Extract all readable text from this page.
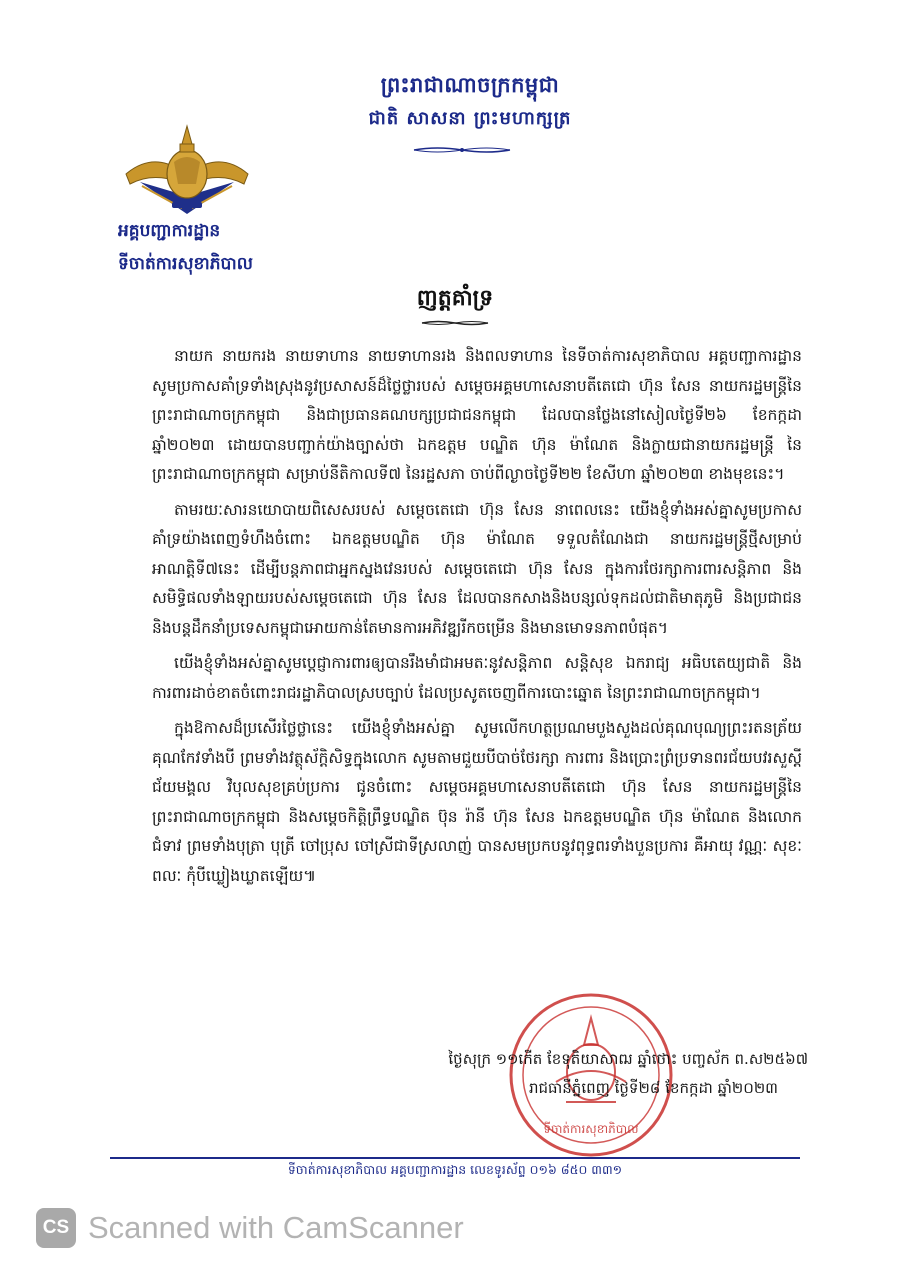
ព្រះរាជាណាចក្រកម្ពុជា
ជាតិ សាសនា ព្រះមហាក្សត្រ
អគ្គបញ្ជាការដ្ឋាន
ទីចាត់ការសុខាភិបាល
ញត្តគាំទ្រ

នាយក នាយករង នាយទាហាន នាយទាហានរង និងពលទាហាន នៃទីចាត់ការសុខាភិបាល អគ្គបញ្ជាការដ្ឋាន សូមប្រកាសគាំទ្រទាំងស្រុងនូវប្រសាសន៍ដ៏ថ្លៃថ្លារបស់ សម្តេចអគ្គមហាសេនាបតីតេជោ ហ៊ុន សែន នាយករដ្ឋមន្ត្រីនៃព្រះរាជាណាចក្រកម្ពុជា និងជាប្រធានគណបក្សប្រជាជនកម្ពុជា ដែលបានថ្លែងនៅសៀលថ្ងៃទី២៦ ខែកក្កដា ឆ្នាំ២០២៣ ដោយបានបញ្ជាក់យ៉ាងច្បាស់ថា ឯកឧត្តម បណ្ឌិត ហ៊ុន ម៉ាណែត និងក្លាយជានាយករដ្ឋមន្ត្រី នៃព្រះរាជាណាចក្រកម្ពុជា សម្រាប់នីតិកាលទី៧ នៃរដ្ឋសភា ចាប់ពីល្ងាចថ្ងៃទី២២ ខែសីហា ឆ្នាំ២០២៣ ខាងមុខនេះ។

តាមរយៈសារនយោបាយពិសេសរបស់ សម្តេចតេជោ ហ៊ុន សែន នាពេលនេះ យើងខ្ញុំទាំងអស់គ្នាសូមប្រកាសគាំទ្រយ៉ាងពេញទំហឹងចំពោះ ឯកឧត្តមបណ្ឌិត ហ៊ុន ម៉ាណែត ទទួលតំណែងជា នាយករដ្ឋមន្ត្រីថ្មីសម្រាប់អាណត្តិទី៧នេះ ដើម្បីបន្តភាពជាអ្នកស្នងវេនរបស់ សម្តេចតេជោ ហ៊ុន សែន ក្នុងការថែរក្សាការពារសន្តិភាព និងសមិទ្ធិផលទាំងឡាយរបស់សម្តេចតេជោ ហ៊ុន សែន ដែលបានកសាងនិងបន្សល់ទុកដល់ជាតិមាតុភូមិ និងប្រជាជន និងបន្តដឹកនាំប្រទេសកម្ពុជាអោយកាន់តែមានការអភិវឌ្ឍរីកចម្រើន និងមានមោទនភាពបំផុត។

យើងខ្ញុំទាំងអស់គ្នាសូមប្តេជ្ញាការពារឲ្យបានរឹងមាំជាអមតៈនូវសន្តិភាព សន្តិសុខ ឯករាជ្យ អធិបតេយ្យជាតិ និងការពារដាច់ខាតចំពោះរាជរដ្ឋាភិបាលស្របច្បាប់ ដែលប្រសូតចេញពីការបោះឆ្នោត នៃព្រះរាជាណាចក្រកម្ពុជា។

ក្នុងឱកាសដ៏ប្រសើរថ្លៃថ្លានេះ យើងខ្ញុំទាំងអស់គ្នា សូមលើកហត្ថប្រណមបួងសួងដល់គុណបុណ្យព្រះរតនត្រ័យ គុណកែវទាំងបី ព្រមទាំងវត្ថុស័ក្តិសិទ្ធក្នុងលោក សូមតាមជួយបីបាច់ថែរក្សា ការពារ និងប្រោះព្រំប្រទានពរជ័យបវរសួស្តី ជ័យមង្គល វិបុលសុខគ្រប់ប្រការ ជូនចំពោះ សម្តេចអគ្គមហាសេនាបតីតេជោ ហ៊ុន សែន នាយករដ្ឋមន្ត្រីនៃព្រះរាជាណាចក្រកម្ពុជា និងសម្តេចកិត្តិព្រឹទ្ធបណ្ឌិត ប៊ុន រ៉ានី ហ៊ុន សែន ឯកឧត្តមបណ្ឌិត ហ៊ុន ម៉ាណែត និងលោកជំទាវ ព្រមទាំងបុត្រា បុត្រី ចៅប្រុស ចៅស្រីជាទីស្រលាញ់ បានសមប្រកបនូវពុទ្ធពរទាំងបួនប្រការ គឺអាយុ វណ្ណៈ សុខៈ ពលៈ កុំបីឃ្លៀងឃ្លាតឡើយ៕

ទីចាត់ការសុខាភិបាល
ថ្ងៃសុក្រ ១១កើត ខែទុតិយាសាឍ ឆ្នាំថោះ បញ្ចស័ក ព.ស២៥៦៧
រាជធានីភ្នំពេញ ថ្ងៃទី២៨ ខែកក្កដា ឆ្នាំ២០២៣
ទីចាត់ការសុខាភិបាល អគ្គបញ្ជាការដ្ឋាន លេខទូរស័ព្ទ ០១៦ ៨៥០ ៣៣១
CS Scanned with CamScanner
